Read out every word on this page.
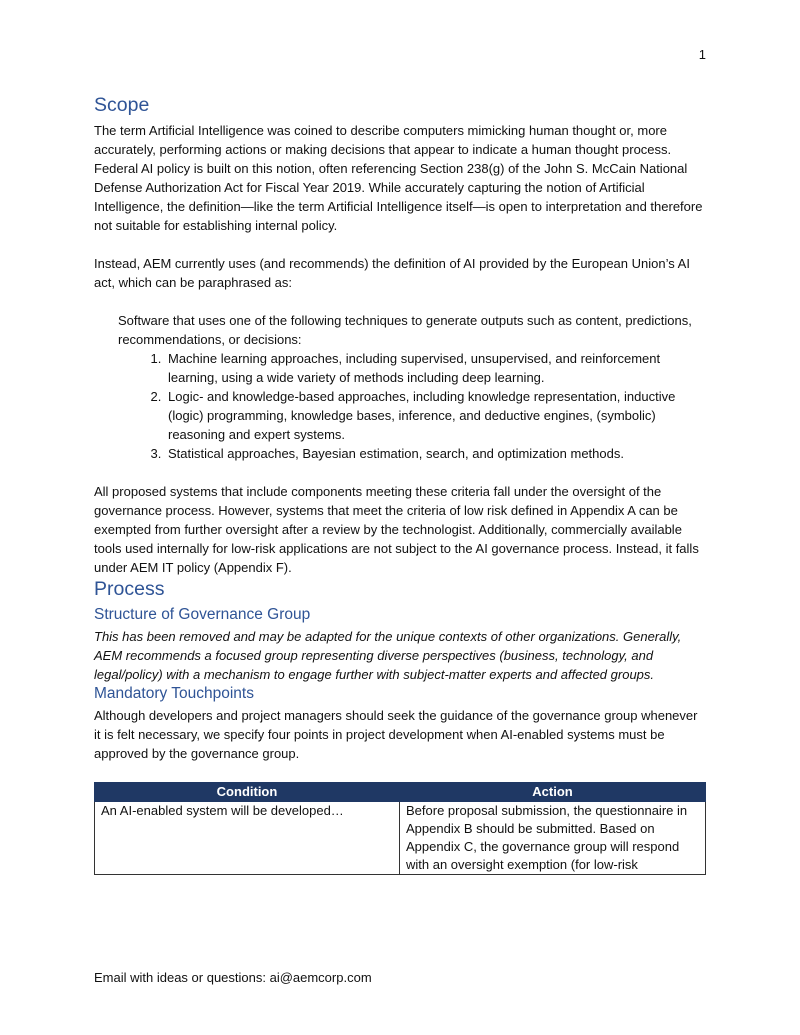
1
Scope

The term Artificial Intelligence was coined to describe computers mimicking human thought or, more accurately, performing actions or making decisions that appear to indicate a human thought process. Federal AI policy is built on this notion, often referencing Section 238(g) of the John S. McCain National Defense Authorization Act for Fiscal Year 2019. While accurately capturing the notion of Artificial Intelligence, the definition—like the term Artificial Intelligence itself—is open to interpretation and therefore not suitable for establishing internal policy.

Instead, AEM currently uses (and recommends) the definition of AI provided by the European Union’s AI act, which can be paraphrased as:

Software that uses one of the following techniques to generate outputs such as content, predictions, recommendations, or decisions:

1. Machine learning approaches, including supervised, unsupervised, and reinforcement learning, using a wide variety of methods including deep learning.
2. Logic- and knowledge-based approaches, including knowledge representation, inductive (logic) programming, knowledge bases, inference, and deductive engines, (symbolic) reasoning and expert systems.
3. Statistical approaches, Bayesian estimation, search, and optimization methods.

All proposed systems that include components meeting these criteria fall under the oversight of the governance process. However, systems that meet the criteria of low risk defined in Appendix A can be exempted from further oversight after a review by the technologist. Additionally, commercially available tools used internally for low-risk applications are not subject to the AI governance process. Instead, it falls under AEM IT policy (Appendix F).

Process
Structure of Governance Group

This has been removed and may be adapted for the unique contexts of other organizations. Generally, AEM recommends a focused group representing diverse perspectives (business, technology, and legal/policy) with a mechanism to engage further with subject-matter experts and affected groups.

Mandatory Touchpoints

Although developers and project managers should seek the guidance of the governance group whenever it is felt necessary, we specify four points in project development when AI-enabled systems must be approved by the governance group.

Condition	Action
An AI-enabled system will be developed…	Before proposal submission, the questionnaire in Appendix B should be submitted. Based on Appendix C, the governance group will respond with an oversight exemption (for low-risk
Email with ideas or questions: ai@aemcorp.com
